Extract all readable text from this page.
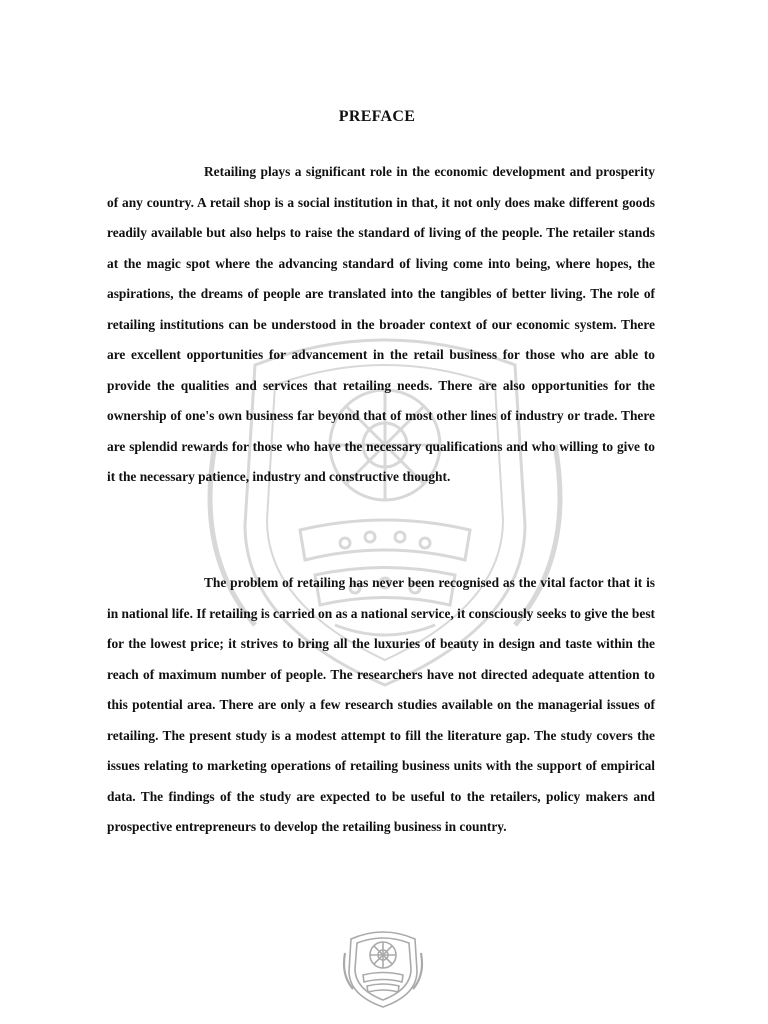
PREFACE

Retailing plays a significant role in the economic development and prosperity of any country. A retail shop is a social institution in that, it not only does make different goods readily available but also helps to raise the standard of living of the people. The retailer stands at the magic spot where the advancing standard of living come into being, where hopes, the aspirations, the dreams of people are translated into the tangibles of better living. The role of retailing institutions can be understood in the broader context of our economic system. There are excellent opportunities for advancement in the retail business for those who are able to provide the qualities and services that retailing needs. There are also opportunities for the ownership of one's own business far beyond that of most other lines of industry or trade. There are splendid rewards for those who have the necessary qualifications and who willing to give to it the necessary patience, industry and constructive thought.

The problem of retailing has never been recognised as the vital factor that it is in national life. If retailing is carried on as a national service, it consciously seeks to give the best for the lowest price; it strives to bring all the luxuries of beauty in design and taste within the reach of maximum number of people. The researchers have not directed adequate attention to this potential area. There are only a few research studies available on the managerial issues of retailing. The present study is a modest attempt to fill the literature gap. The study covers the issues relating to marketing operations of retailing business units with the support of empirical data. The findings of the study are expected to be useful to the retailers, policy makers and prospective entrepreneurs to develop the retailing business in country.
